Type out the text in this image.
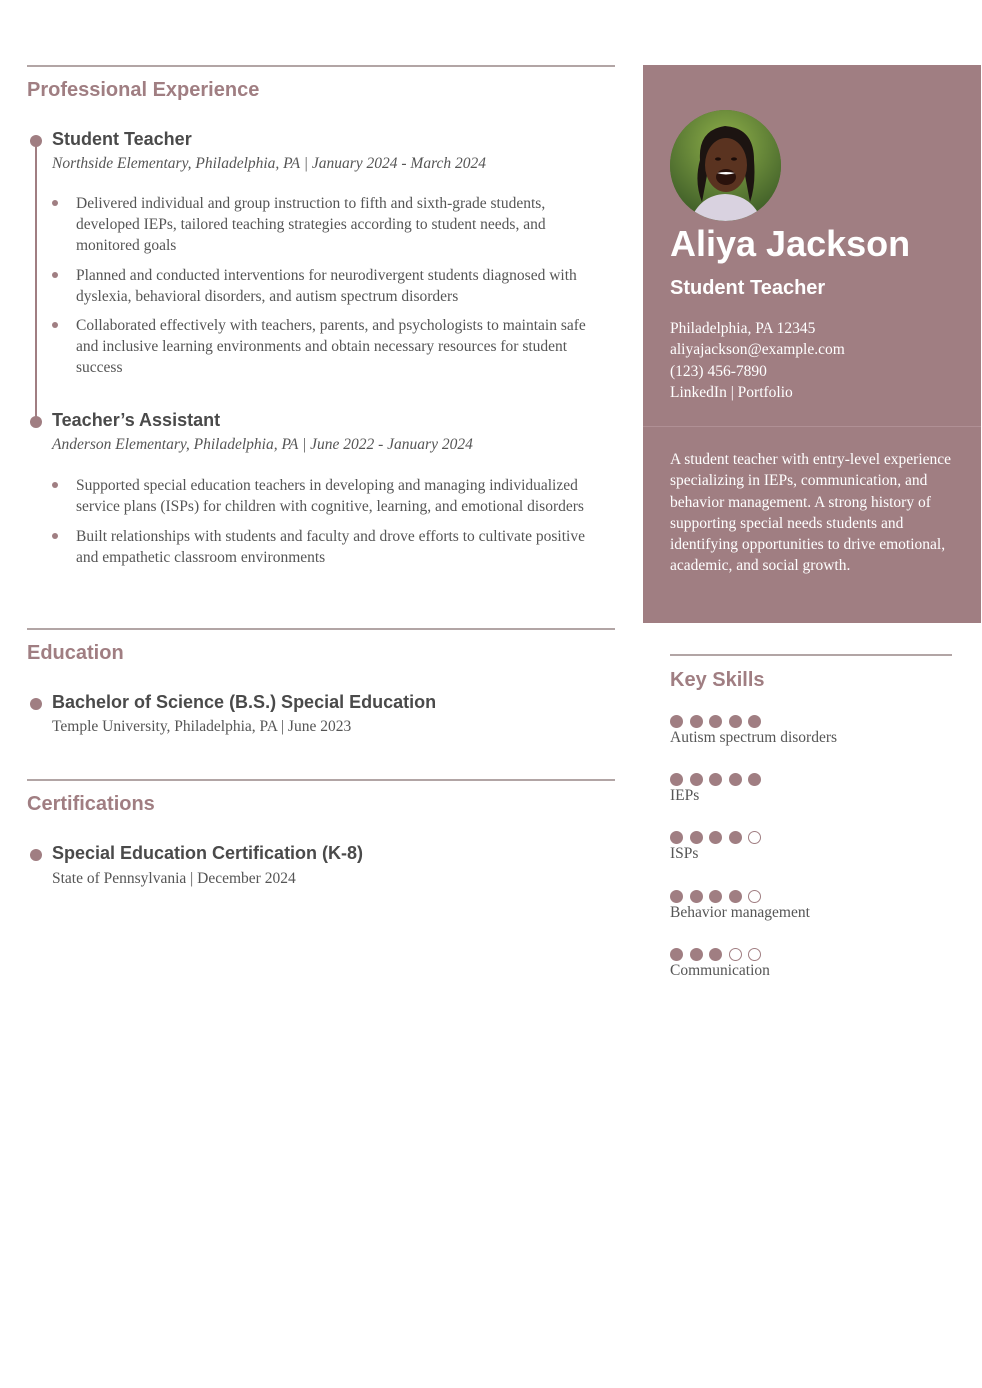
Professional Experience
Student Teacher
Northside Elementary, Philadelphia, PA | January 2024 - March 2024
Delivered individual and group instruction to fifth and sixth-grade students, developed IEPs, tailored teaching strategies according to student needs, and monitored goals
Planned and conducted interventions for neurodivergent students diagnosed with dyslexia, behavioral disorders, and autism spectrum disorders
Collaborated effectively with teachers, parents, and psychologists to maintain safe and inclusive learning environments and obtain necessary resources for student success
Teacher’s Assistant
Anderson Elementary, Philadelphia, PA | June 2022 - January 2024
Supported special education teachers in developing and managing individualized service plans (ISPs) for children with cognitive, learning, and emotional disorders
Built relationships with students and faculty and drove efforts to cultivate positive and empathetic classroom environments
Education
Bachelor of Science (B.S.) Special Education
Temple University, Philadelphia, PA | June 2023
Certifications
Special Education Certification (K-8)
State of Pennsylvania | December 2024
Aliya Jackson
Student Teacher
Philadelphia, PA 12345
aliyajackson@example.com
(123) 456-7890
LinkedIn | Portfolio
A student teacher with entry-level experience specializing in IEPs, communication, and behavior management. A strong history of supporting special needs students and identifying opportunities to drive emotional, academic, and social growth.
Key Skills
Autism spectrum disorders
IEPs
ISPs
Behavior management
Communication
